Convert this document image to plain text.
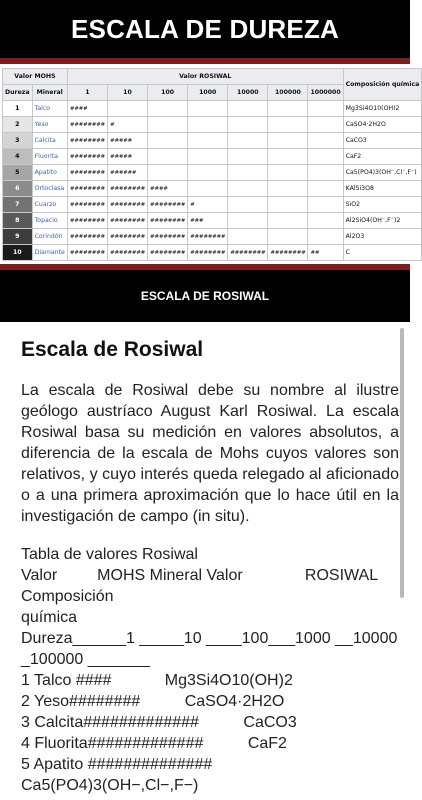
ESCALA DE DUREZA
Valor MOHS		Valor ROSIWAL							Composición química
Dureza	Mineral	1	10	100	1000	10000	100000	1000000	
1	Talco	####							Mg3Si4O10(OH)2
2	Yeso	########	#						CaSO4·2H2O
3	Calcita	########	#####						CaCO3
4	Fluorita	########	#####						CaF2
5	Apatito	########	######						Ca5(PO4)3(OH⁻,Cl⁻,F⁻)
6	Ortoclasa	########	########	####					KAlSi3O8
7	Cuarzo	########	########	########	#				SiO2
8	Topacio	########	########	########	###				Al2SiO4(OH⁻,F⁻)2
9	Corindón	########	########	########	########				Al2O3
10	Diamante	########	########	########	########	########	########	##	C
ESCALA DE ROSIWAL
Escala de Rosiwal

La escala de Rosiwal debe su nombre al ilustre geólogo austríaco August Karl Rosiwal. La escala Rosiwal basa su medición en valores absolutos, a diferencia de la escala de Mohs cuyos valores son relativos, y cuyo interés queda relegado al aficionado o a una primera aproximación que lo hace útil en la investigación de campo (in situ).

Tabla de valores Rosiwal
Valor         MOHS Mineral Valor              ROSIWAL
Composición
química
Dureza______1 _____10 ____100___1000 __10000
_100000 _______
1 Talco ####            Mg3Si4O10(OH)2
2 Yeso########          CaSO4·2H2O
3 Calcita#############          CaCO3
4 Fluorita#############          CaF2
5 Apatito ##############
Ca5(PO4)3(OH−,Cl−,F−)
